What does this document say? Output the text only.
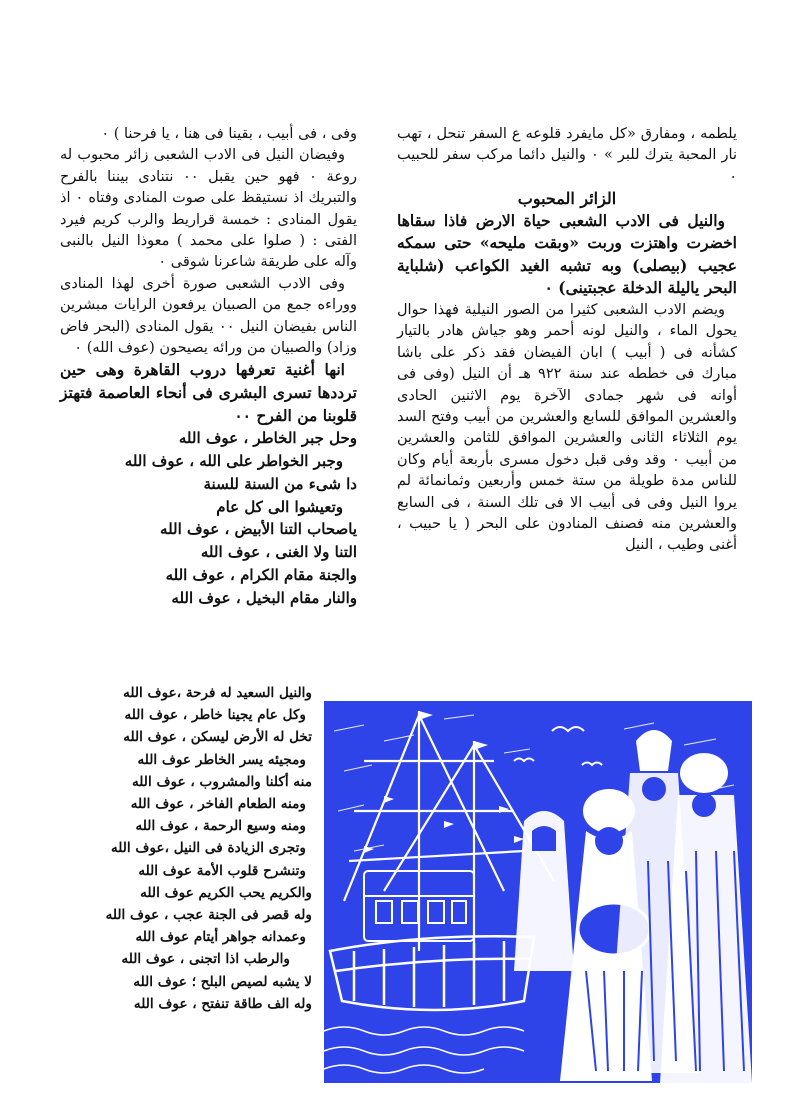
يلطمه ، ومفارق «كل مايفرد قلوعه ع السفر تنحل ، تهب نار المحبة يترك للبر » ٠ والنيل دائما مركب سفر للحبيب ٠

الزائر المحبوب

والنيل فى الادب الشعبى حياة الارض فاذا سقاها اخضرت واهتزت وربت «وبقت مليحه» حتى سمكه عجيب (بيصلى) وبه تشبه الغيد الكواعب (شلباية البحر ياليلة الدخلة عجبتينى) ٠

ويضم الادب الشعبى كثيرا من الصور النيلية فهذا حوال يحول الماء ، والنيل لونه أحمر وهو جياش هادر بالتيار كشأنه فى ( أبيب ) ابان الفيضان فقد ذكر على باشا مبارك فى خططه عند سنة ٩٢٢ هـ أن النيل (وفى فى أوانه فى شهر جمادى الآخرة يوم الاثنين الحادى والعشرين الموافق للسابع والعشرين من أبيب وفتح السد يوم الثلاثاء الثانى والعشرين الموافق للثامن والعشرين من أبيب ٠ وقد وفى قبل دخول مسرى بأربعة أيام وكان للناس مدة طويلة من ستة خمس وأربعين وثمانمائة لم يروا النيل وفى فى أبيب الا فى تلك السنة ، فى السابع والعشرين منه فصنف المنادون على البحر ( يا حبيب ، أغنى وطيب ، النيل

وفى ، فى أبيب ، بقينا فى هنا ، يا فرحنا ) ٠

وفيضان النيل فى الادب الشعبى زائر محبوب له روعة ٠ فهو حين يقبل ٠٠ نتنادى بيننا بالفرح والتبريك اذ نستيقظ على صوت المنادى وفتاه ٠ اذ يقول المنادى : خمسة قراريط والرب كريم فيرد الفتى : ( صلوا على محمد ) معوذا النيل بالنبى وآله على طريقة شاعرنا شوقى ٠

وفى الادب الشعبى صورة أخرى لهذا المنادى ووراءه جمع من الصبيان يرفعون الرايات مبشرين الناس بفيضان النيل ٠٠ يقول المنادى (البحر فاض وزاد) والصبيان من ورائه يصيحون (عوف الله) ٠

انها أغنية تعرفها دروب القاهرة وهى حين ترددها تسرى البشرى فى أنحاء العاصمة فتهتز قلوبنا من الفرح ٠٠

وحل جبر الخاطر ، عوف الله
وجبر الخواطر على الله ، عوف الله
دا شىء من السنة للسنة
وتعيشوا الى كل عام
ياصحاب التنا الأبيض ، عوف الله
التنا ولا الغنى ، عوف الله
والجنة مقام الكرام ، عوف الله
والنار مقام البخيل ، عوف الله
والنيل السعيد له فرحة ،عوف الله
وكل عام يجينا خاطر ، عوف الله
تخل له الأرض ليسكن ، عوف الله
ومجيئه يسر الخاطر عوف الله
منه أكلنا والمشروب ، عوف الله
ومنه الطعام الفاخر ، عوف الله
ومنه وسيع الرحمة ، عوف الله
وتجرى الزيادة فى النيل ،عوف الله
وتنشرح قلوب الأمة عوف الله
والكريم يحب الكريم عوف الله
وله قصر فى الجنة عجب ، عوف الله
وعمدانه جواهر أيتام عوف الله
والرطب اذا اتجنى ، عوف الله
لا يشبه لصيص البلح ؛ عوف الله
وله الف طاقة تنفتح ، عوف الله
